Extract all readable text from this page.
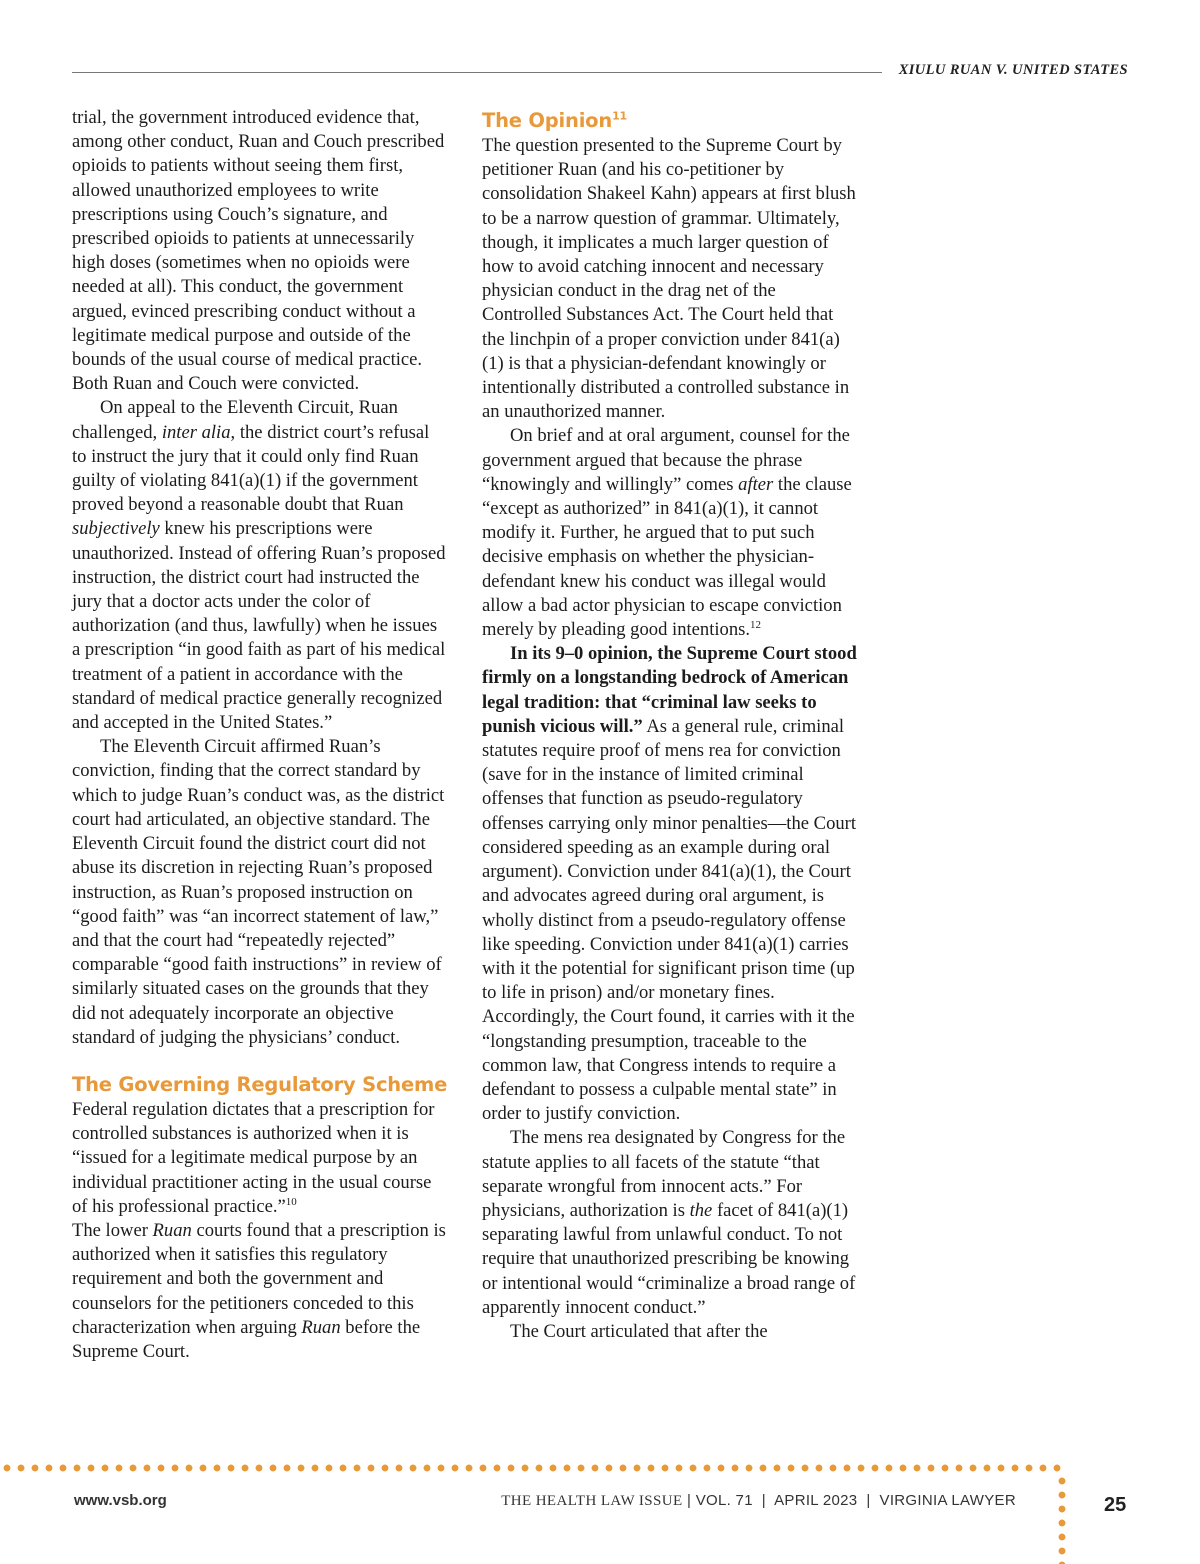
XIULU RUAN V. UNITED STATES

trial, the government introduced evidence that, among other conduct, Ruan and Couch prescribed opioids to patients without seeing them first, allowed unauthorized employees to write prescriptions using Couch’s signature, and prescribed opioids to patients at unnecessarily high doses (sometimes when no opioids were needed at all). This conduct, the government argued, evinced prescribing conduct without a legitimate medical purpose and outside of the bounds of the usual course of medical practice. Both Ruan and Couch were convicted.

On appeal to the Eleventh Circuit, Ruan challenged, inter alia, the district court’s refusal to instruct the jury that it could only find Ruan guilty of violating 841(a)(1) if the government proved beyond a reasonable doubt that Ruan subjectively knew his prescriptions were unauthorized. Instead of offering Ruan’s proposed instruction, the district court had instructed the jury that a doctor acts under the color of authorization (and thus, lawfully) when he issues a prescription “in good faith as part of his medical treatment of a patient in accordance with the standard of medical practice generally recognized and accepted in the United States.”

The Eleventh Circuit affirmed Ruan’s conviction, finding that the correct standard by which to judge Ruan’s conduct was, as the district court had articulated, an objective standard. The Eleventh Circuit found the district court did not abuse its discretion in rejecting Ruan’s proposed instruction, as Ruan’s proposed instruction on “good faith” was “an incorrect statement of law,” and that the court had “repeatedly rejected” comparable “good faith instructions” in review of similarly situated cases on the grounds that they did not adequately incorporate an objective standard of judging the physicians’ conduct.

The Governing Regulatory Scheme

Federal regulation dictates that a prescription for controlled substances is authorized when it is “issued for a legitimate medical purpose by an individual practitioner acting in the usual course of his professional practice.”$^{10}$

The lower Ruan courts found that a prescription is authorized when it satisfies this regulatory requirement and both the government and counselors for the petitioners conceded to this characterization when arguing Ruan before the Supreme Court.

The Opinion$^{11}$

The question presented to the Supreme Court by petitioner Ruan (and his co-petitioner by consolidation Shakeel Kahn) appears at first blush to be a narrow question of grammar. Ultimately, though, it implicates a much larger question of how to avoid catching innocent and necessary physician conduct in the drag net of the Controlled Substances Act. The Court held that the linchpin of a proper conviction under 841(a)(1) is that a physician-defendant knowingly or intentionally distributed a controlled substance in an unauthorized manner.

On brief and at oral argument, counsel for the government argued that because the phrase “knowingly and willingly” comes after the clause “except as authorized” in 841(a)(1), it cannot modify it. Further, he argued that to put such decisive emphasis on whether the physician-defendant knew his conduct was illegal would allow a bad actor physician to escape conviction merely by pleading good intentions.$^{12}$

In its 9–0 opinion, the Supreme Court stood firmly on a longstanding bedrock of American legal tradition: that “criminal law seeks to punish vicious will.” As a general rule, criminal statutes require proof of mens rea for conviction (save for in the instance of limited criminal offenses that function as pseudo-regulatory offenses carrying only minor penalties—the Court considered speeding as an example during oral argument). Conviction under 841(a)(1), the Court and advocates agreed during oral argument, is wholly distinct from a pseudo-regulatory offense like speeding. Conviction under 841(a)(1) carries with it the potential for significant prison time (up to life in prison) and/or monetary fines. Accordingly, the Court found, it carries with it the “longstanding presumption, traceable to the common law, that Congress intends to require a defendant to possess a culpable mental state” in order to justify conviction.

The mens rea designated by Congress for the statute applies to all facets of the statute “that separate wrongful from innocent acts.” For physicians, authorization is the facet of 841(a)(1) separating lawful from unlawful conduct. To not require that unauthorized prescribing be knowing or intentional would “criminalize a broad range of apparently innocent conduct.”

The Court articulated that after the

www.vsb.org	THE HEALTH LAW ISSUE | VOL. 71 | APRIL 2023 | VIRGINIA LAWYER	25
